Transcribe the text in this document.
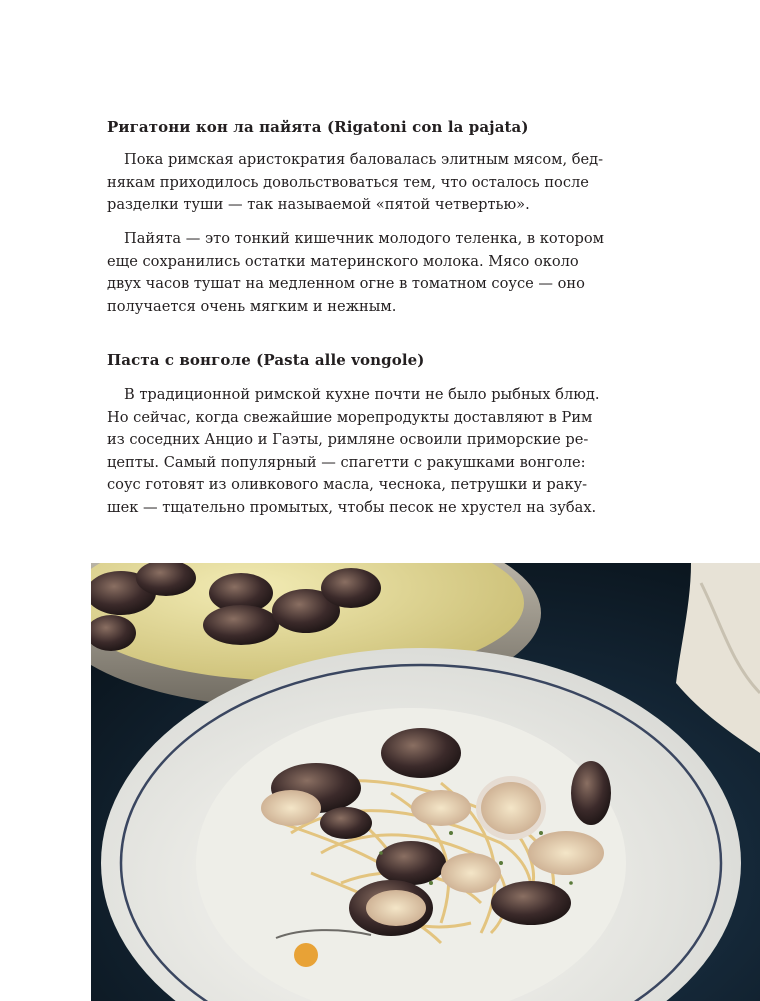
Ригатони кон ла пайята (Rigatoni con la pajata)

Пока римская аристократия баловалась элитным мясом, бед-
някам приходилось довольствоваться тем, что осталось после
разделки туши — так называемой «пятой четвертью».

Пайята — это тонкий кишечник молодого теленка, в котором
еще сохранились остатки материнского молока. Мясо около
двух часов тушат на медленном огне в томатном соусе — оно
получается очень мягким и нежным.

Паста с вонголе (Pasta alle vongole)

В традиционной римской кухне почти не было рыбных блюд.
Но сейчас, когда свежайшие морепродукты доставляют в Рим
из соседних Анцио и Гаэты, римляне освоили приморские ре-
цепты. Самый популярный — спагетти с ракушками вонголе:
соус готовят из оливкового масла, чеснока, петрушки и раку-
шек — тщательно промытых, чтобы песок не хрустел на зубах.
